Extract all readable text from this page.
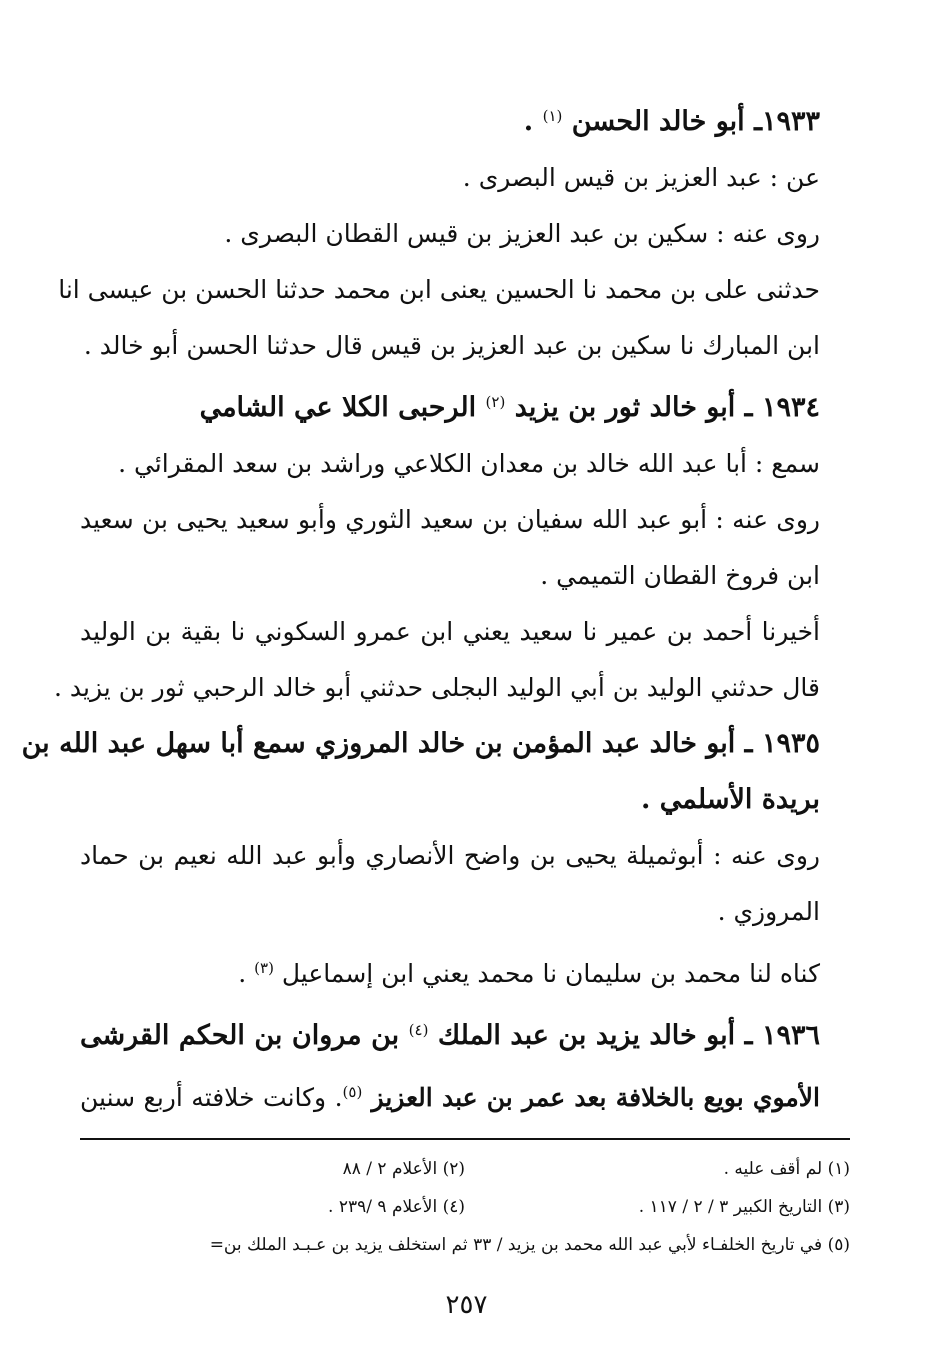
١٩٣٣ـ أبو خالد الحسن $^{(١)}$ .
عن : عبد العزيز بن قيس البصرى .
روى عنه : سكين بن عبد العزيز بن قيس القطان البصرى .
حدثنى على بن محمد نا الحسين يعنى ابن محمد حدثنا الحسن بن عيسى انا
ابن المبارك نا سكين بن عبد العزيز بن قيس قال حدثنا الحسن أبو خالد .
١٩٣٤ ـ أبو خالد ثور بن يزيد $^{(٢)}$ الرحبى الكلا عي الشامي
سمع : أبا عبد الله خالد بن معدان الكلاعي وراشد بن سعد المقرائي .
روى عنه : أبو عبد الله سفيان بن سعيد الثوري وأبو سعيد يحيى بن سعيد
ابن فروخ القطان التميمي .
أخيرنا أحمد بن عمير نا سعيد يعني ابن عمرو السكوني نا بقية بن الوليد
قال حدثني الوليد بن أبي الوليد البجلى حدثني أبو خالد الرحبي ثور بن يزيد .
١٩٣٥ ـ أبو خالد عبد المؤمن بن خالد المروزي سمع أبا سهل عبد الله بن
بريدة الأسلمي .
روى عنه : أبوثميلة يحيى بن واضح الأنصاري وأبو عبد الله نعيم بن حماد
المروزي .
كناه لنا محمد بن سليمان نا محمد يعني ابن إسماعيل $^{(٣)}$ .
١٩٣٦ ـ أبو خالد يزيد بن عبد الملك $^{(٤)}$ بن مروان بن الحكم القرشى
الأموي بويع بالخلافة بعد عمر بن عبد العزيز $^{(٥)}$. وكانت خلافته أربع سنين
(١) لم أقف عليه .
(٢) الأعلام ٢ / ٨٨
(٣) التاريخ الكبير ٣ / ٢ / ١١٧ .
(٤) الأعلام ٩ /٢٣٩ .
(٥) في تاريخ الخلفـاء لأبي عبد الله محمد بن يزيد / ٣٣ ثم استخلف يزيد بن عـبـد الملك بن=
٢٥٧
